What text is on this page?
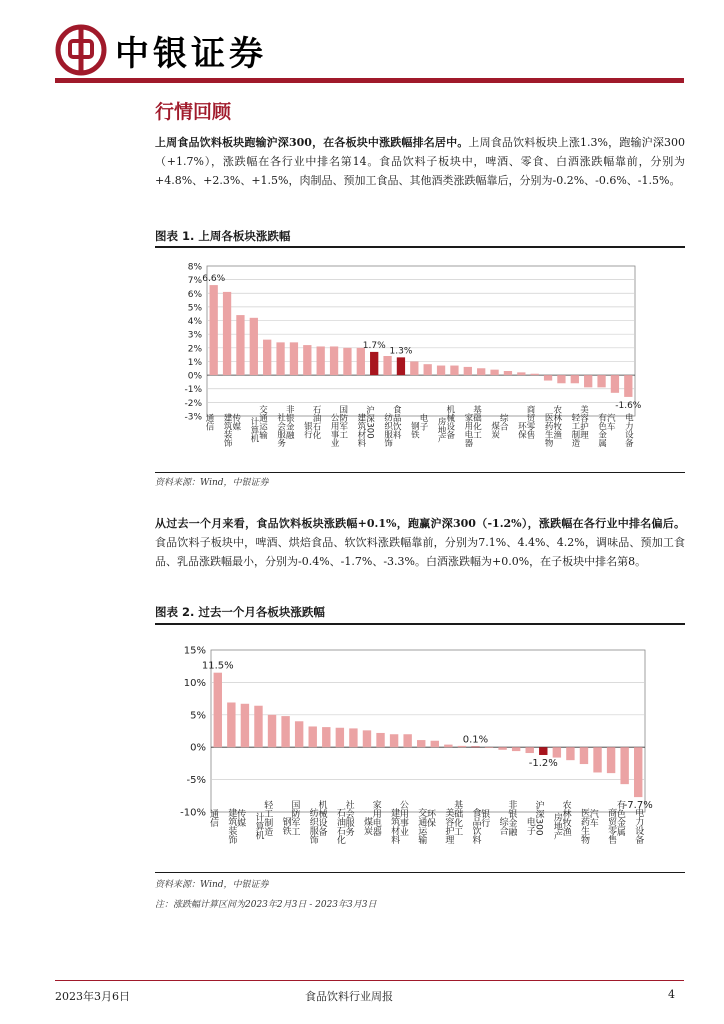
中银证券
行情回顾
上周食品饮料板块跑输沪深300，在各板块中涨跌幅排名居中。上周食品饮料板块上涨1.3%，跑输沪深300（+1.7%），涨跌幅在各行业中排名第14。食品饮料子板块中，啤酒、零食、白酒涨跌幅靠前，分别为+4.8%、+2.3%、+1.5%，肉制品、预加工食品、其他酒类涨跌幅靠后，分别为-0.2%、-0.6%、-1.5%。
图表 1. 上周各板块涨跌幅
-3%
-2%
-1%
0%
1%
2%
3%
4%
5%
6%
7%
8%
通信 建筑装饰
传媒 计算机
交通运输 社会服务
非银金融 银行
石油石化 公用事业
国防军工 建筑材料
沪深300 纺织服饰
食品饮料 钢铁
电子 房地产
机械设备 家用电器
基础化工 煤炭
综合 环保
商贸零售 医药生物
农林牧渔 轻工制造
美容护理 有色金属
汽车 电力设备
6.6%
1.7%
1.3%
-1.6%
资料来源：Wind，中银证券
从过去一个月来看，食品饮料板块涨跌幅+0.1%，跑赢沪深300（-1.2%），涨跌幅在各行业中排名偏后。食品饮料子板块中，啤酒、烘焙食品、软饮料涨跌幅靠前，分别为7.1%、4.4%、4.2%，调味品、预加工食品、乳品涨跌幅最小，分别为-0.4%、-1.7%、-3.3%。白酒涨跌幅为+0.0%，在子板块中排名第8。
图表 2. 过去一个月各板块涨跌幅
-10%
-5%
0%
5%
10%
15%
通信 建筑装饰
传媒 计算机
轻工制造 钢铁
国防军工 纺织服饰
机械设备 石油石化
社会服务 煤炭
家用电器 建筑材料
公用事业 交通运输
环保 美容护理
基础化工 食品饮料
银行 综合
非银金融 电子
沪深300 房地产
农林牧渔 医药生物
汽车 商贸零售
有色金属 电力设备
11.5%
0.1%
-1.2%
-7.7%
资料来源：Wind，中银证券
注：涨跌幅计算区间为2023年2月3日 - 2023年3月3日
2023年3月6日	食品饮料行业周报	4
